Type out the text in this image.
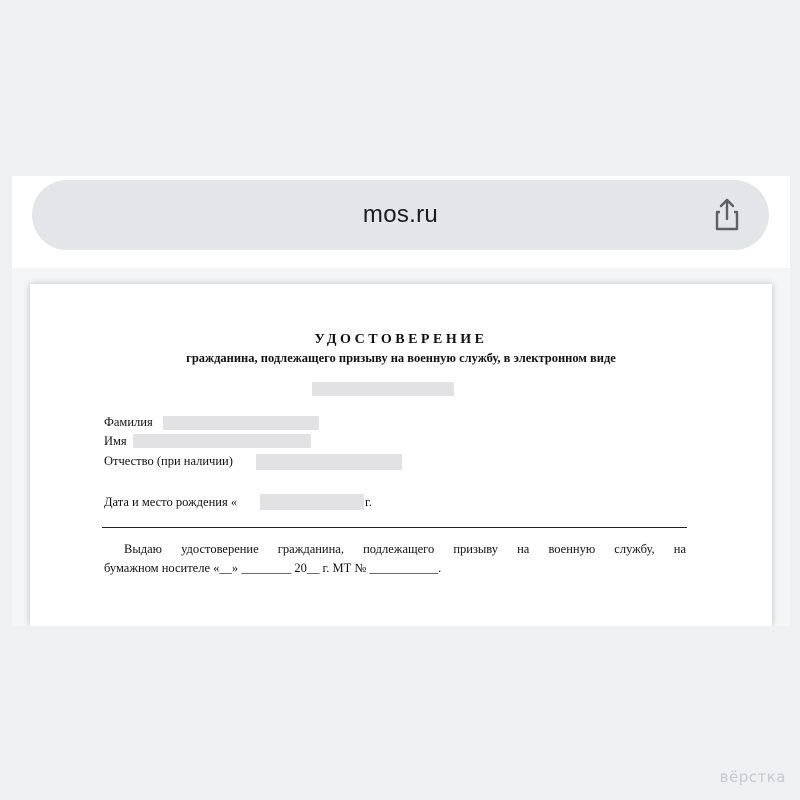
mos.ru
УДОСТОВЕРЕНИЕ
гражданина, подлежащего призыву на военную службу, в электронном виде
Фамилия
Имя
Отчество (при наличии)
Дата и место рождения «	г.
Выдаю удостоверение гражданина, подлежащего призыву на военную службу, на
бумажном носителе «__» ________ 20__ г. МТ № ___________.
вёрстка
